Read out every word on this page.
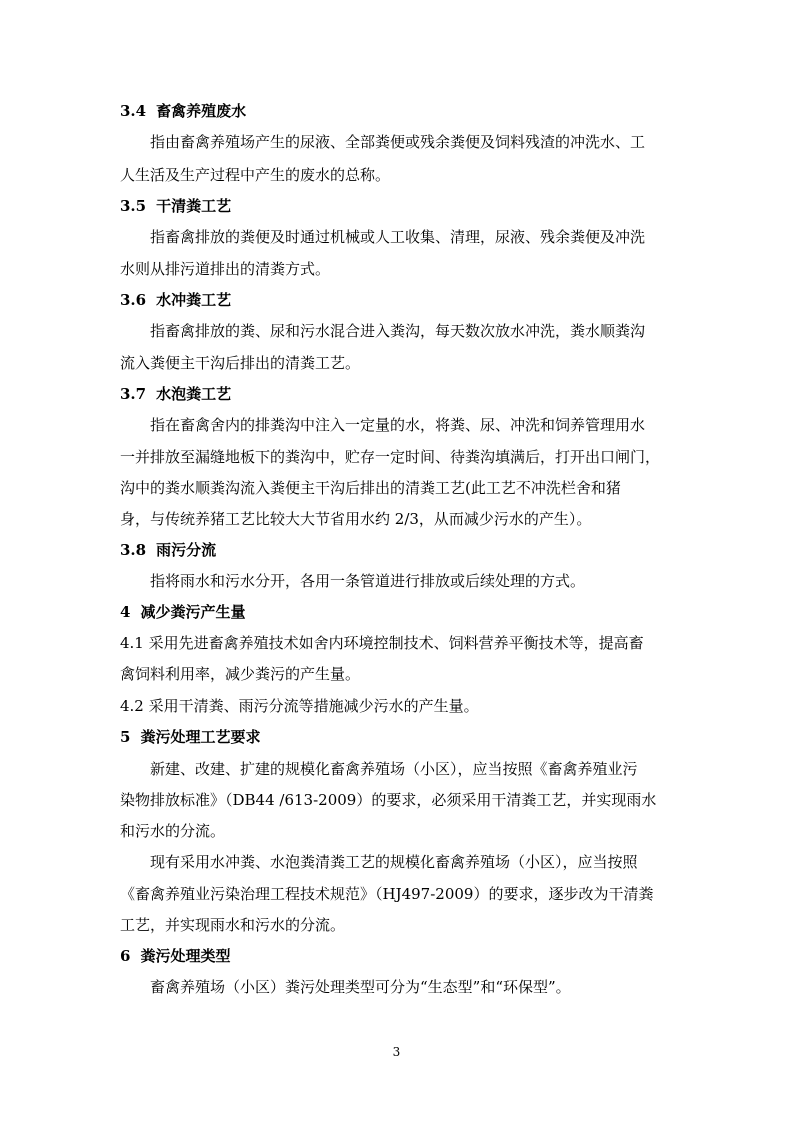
3.4 畜禽养殖废水
指由畜禽养殖场产生的尿液、全部粪便或残余粪便及饲料残渣的冲洗水、工
人生活及生产过程中产生的废水的总称。
3.5 干清粪工艺
指畜禽排放的粪便及时通过机械或人工收集、清理，尿液、残余粪便及冲洗
水则从排污道排出的清粪方式。
3.6 水冲粪工艺
指畜禽排放的粪、尿和污水混合进入粪沟，每天数次放水冲洗，粪水顺粪沟
流入粪便主干沟后排出的清粪工艺。
3.7 水泡粪工艺
指在畜禽舍内的排粪沟中注入一定量的水，将粪、尿、冲洗和饲养管理用水
一并排放至漏缝地板下的粪沟中，贮存一定时间、待粪沟填满后，打开出口闸门，
沟中的粪水顺粪沟流入粪便主干沟后排出的清粪工艺(此工艺不冲洗栏舍和猪
身，与传统养猪工艺比较大大节省用水约 2/3，从而减少污水的产生）。
3.8 雨污分流
指将雨水和污水分开，各用一条管道进行排放或后续处理的方式。
4 减少粪污产生量
4.1 采用先进畜禽养殖技术如舍内环境控制技术、饲料营养平衡技术等，提高畜
禽饲料利用率，减少粪污的产生量。
4.2 采用干清粪、雨污分流等措施减少污水的产生量。
5 粪污处理工艺要求
新建、改建、扩建的规模化畜禽养殖场（小区），应当按照《畜禽养殖业污
染物排放标准》（DB44 /613-2009）的要求，必须采用干清粪工艺，并实现雨水
和污水的分流。
现有采用水冲粪、水泡粪清粪工艺的规模化畜禽养殖场（小区），应当按照
《畜禽养殖业污染治理工程技术规范》（HJ497-2009）的要求，逐步改为干清粪
工艺，并实现雨水和污水的分流。
6 粪污处理类型
畜禽养殖场（小区）粪污处理类型可分为“生态型”和“环保型”。
3
